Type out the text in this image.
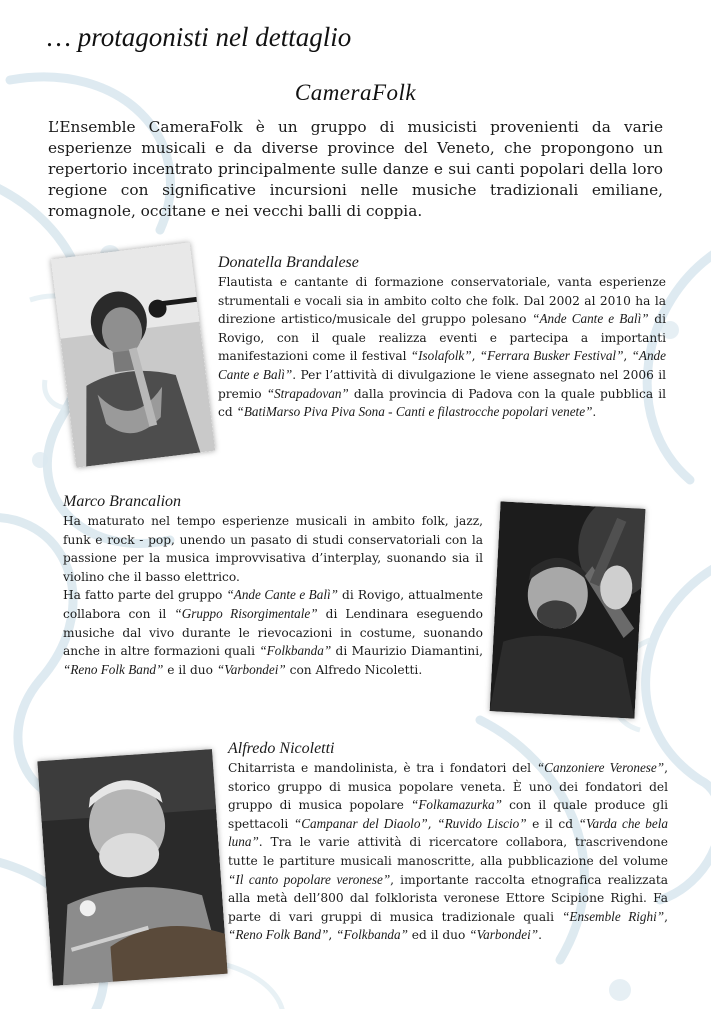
… protagonisti nel dettaglio
CameraFolk

L’Ensemble CameraFolk è un gruppo di musicisti provenienti da varie esperienze musicali e da diverse province del Veneto, che propongono un repertorio incentrato principalmente sulle danze e sui canti popolari della loro regione con significative incursioni nelle musiche tradizionali emiliane, romagnole, occitane e nei vecchi balli di coppia.

Donatella Brandalese

Flautista e cantante di formazione conservatoriale, vanta esperienze strumentali e vocali sia in ambito colto che folk. Dal 2002 al 2010 ha la direzione artistico/musicale del gruppo polesano “Ande Cante e Balì” di Rovigo, con il quale realizza eventi e partecipa a importanti manifestazioni come il festival “Isolafolk”, “Ferrara Busker Festival”, “Ande Cante e Balì”. Per l’attività di divulgazione le viene assegnato nel 2006 il premio “Strapadovan” dalla provincia di Padova con la quale pubblica il cd “BatiMarso Piva Piva Sona - Canti e filastrocche popolari venete”.

Marco Brancalion

Ha maturato nel tempo esperienze musicali in ambito folk, jazz, funk e rock - pop, unendo un pasato di studi conservatoriali con la passione per la musica improvvisativa d’interplay, suonando sia il violino che il basso elettrico.
Ha fatto parte del gruppo “Ande Cante e Balì” di Rovigo, attualmente collabora con il “Gruppo Risorgimentale” di Lendinara eseguendo musiche dal vivo durante le rievocazioni in costume, suonando anche in altre formazioni quali “Folkbanda” di Maurizio Diamantini, “Reno Folk Band” e il duo “Varbondei” con Alfredo Nicoletti.

Alfredo Nicoletti

Chitarrista e mandolinista, è tra i fondatori del “Canzoniere Veronese”, storico gruppo di musica popolare veneta. È uno dei fondatori del gruppo di musica popolare “Folkamazurka” con il quale produce gli spettacoli “Campanar del Diaolo”, “Ruvido Liscio” e il cd “Varda che bela luna”. Tra le varie attività di ricercatore collabora, trascrivendone tutte le partiture musicali manoscritte, alla pubblicazione del volume “Il canto popolare veronese”, importante raccolta etnografica realizzata alla metà dell’800 dal folklorista veronese Ettore Scipione Righi. Fa parte di vari gruppi di musica tradizionale quali “Ensemble Righi”, “Reno Folk Band”, “Folkbanda” ed il duo “Varbondei”.
